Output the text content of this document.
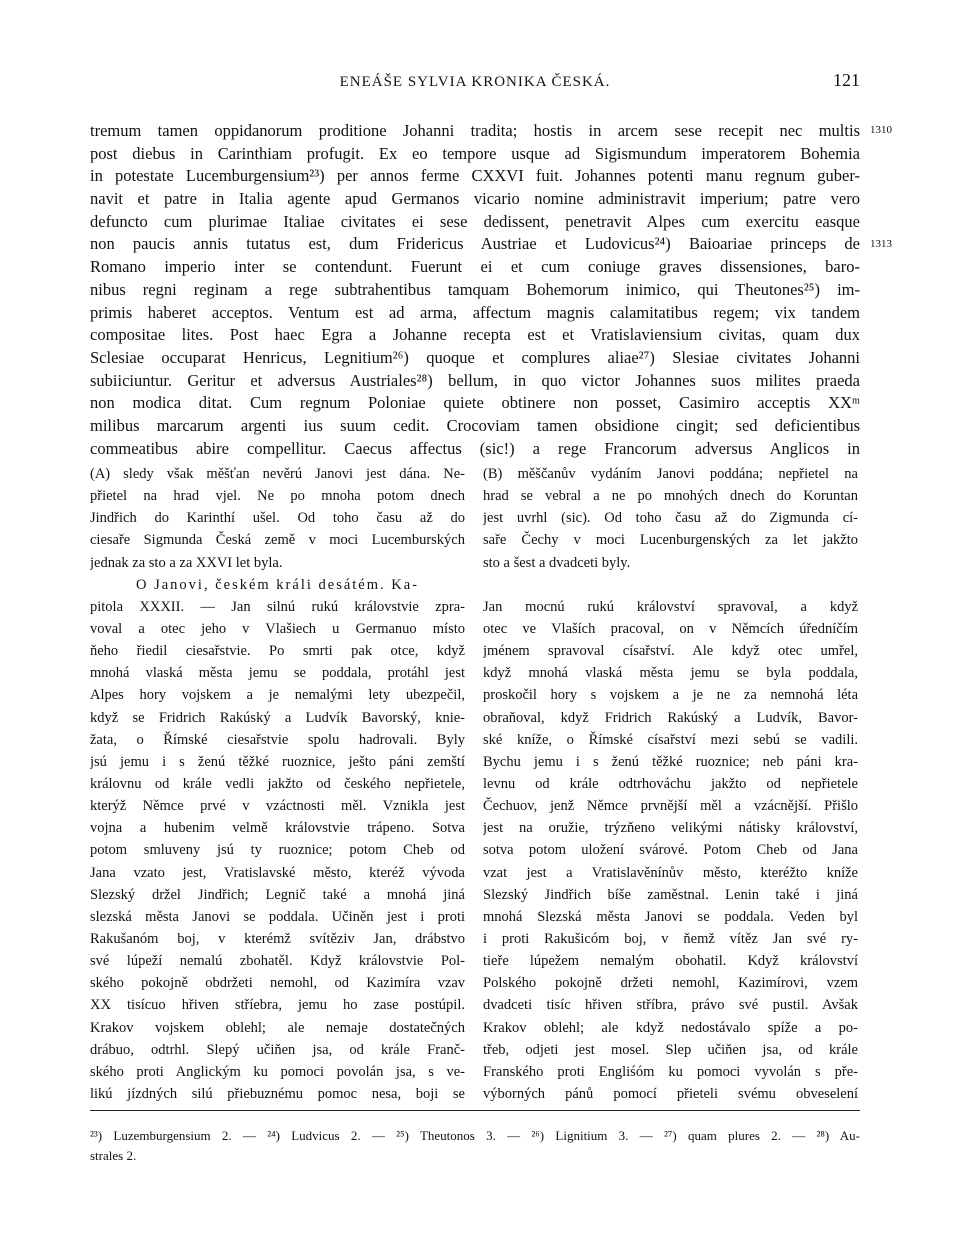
ENEÁŠE SYLVIA KRONIKA ČESKÁ.	121
tremum tamen oppidanorum proditione Johanni tradita; hostis in arcem sese recepit nec multis
post diebus in Carinthiam profugit. Ex eo tempore usque ad Sigismundum imperatorem Bohemia
in potestate Lucemburgensium²³) per annos ferme CXXVI fuit. Johannes potenti manu regnum guber-
navit et patre in Italia agente apud Germanos vicario nomine administravit imperium; patre vero
defuncto cum plurimae Italiae civitates ei sese dedissent, penetravit Alpes cum exercitu easque
non paucis annis tutatus est, dum Fridericus Austriae et Ludovicus²⁴) Baioariae princeps de
Romano imperio inter se contendunt. Fuerunt ei et cum coniuge graves dissensiones, baro-
nibus regni reginam a rege subtrahentibus tamquam Bohemorum inimico, qui Theutones²⁵) im-
primis haberet acceptos. Ventum est ad arma, affectum magnis calamitatibus regem; vix tandem
compositae lites. Post haec Egra a Johanne recepta est et Vratislaviensium civitas, quam dux
Sclesiae occuparat Henricus, Legnitium²⁶) quoque et complures aliae²⁷) Slesiae civitates Johanni
subiiciuntur. Geritur et adversus Austriales²⁸) bellum, in quo victor Johannes suos milites praeda
non modica ditat. Cum regnum Poloniae quiete obtinere non posset, Casimiro acceptis XXᵐ
milibus marcarum argenti ius suum cedit. Crocoviam tamen obsidione cingit; sed deficientibus
commeatibus abire compellitur. Caecus affectus (sic!) a rege Francorum adversus Anglicos in
1310
1313
(A) sledy však měšťan nevěrú Janovi jest dána. Ne-
přietel na hrad vjel. Ne po mnoha potom dnech
Jindřich do Karinthí ušel. Od toho času až do
ciesaře Sigmunda Česká země v moci Lucemburských
jednak za sto a za XXVI let byla.
O Janovi, českém králi desátém. Ka-
pitola XXXII. — Jan silnú rukú královstvie zpra-
voval a otec jeho v Vlašiech u Germanuo místo
ňeho řiedil ciesařstvie. Po smrti pak otce, když
mnohá vlaská města jemu se poddala, protáhl jest
Alpes hory vojskem a je nemalými lety ubezpečil,
když se Fridrich Rakúský a Ludvík Bavorský, knie-
žata, o Římské ciesařstvie spolu hadrovali. Byly
jsú jemu i s ženú těžké ruoznice, ješto páni zemští
královnu od krále vedli jakžto od českého nepřietele,
kterýž Němce prvé v vzáctnosti měl. Vznikla jest
vojna a hubenim velmě královstvie trápeno. Sotva
potom smluveny jsú ty ruoznice; potom Cheb od
Jana vzato jest, Vratislavské město, kteréž vývoda
Slezský držel Jindřich; Legnič také a mnohá jiná
slezská města Janovi se poddala. Učiněn jest i proti
Rakušanóm boj, v kterémž svítěziv Jan, drábstvo
své lúpeží nemalú zbohatěl. Když královstvie Pol-
ského pokojně obdržeti nemohl, od Kazimíra vzav
XX tisícuo hřiven stříebra, jemu ho zase postúpil.
Krakov vojskem oblehl; ale nemaje dostatečných
drábuo, odtrhl. Slepý učiňen jsa, od krále Franč-
ského proti Anglickým ku pomoci povolán jsa, s ve-
likú jízdných silú přiebuznému pomoc nesa, boji se
(B) měščanův vydáním Janovi poddána; nepřietel na
hrad se vebral a ne po mnohých dnech do Koruntan
jest uvrhl (sic). Od toho času až do Zigmunda cí-
saře Čechy v moci Lucenburgenských za let jakžto
sto a šest a dvadceti byly.
Jan mocnú rukú království spravoval, a když
otec ve Vlaších pracoval, on v Němcích úředníčím
jménem spravoval císařství. Ale když otec umřel,
když mnohá vlaská města jemu se byla poddala,
proskočil hory s vojskem a je ne za nemnohá léta
obraňoval, když Fridrich Rakúský a Ludvík, Bavor-
ské kníže, o Římské císařství mezi sebú se vadili.
Bychu jemu i s ženú těžké ruoznice; neb páni kra-
levnu od krále odtrhováchu jakžto od nepřietele
Čechuov, jenž Němce prvnější měl a vzácnější. Přišlo
jest na oružie, trýzňeno velikými nátisky království,
sotva potom uložení svárové. Potom Cheb od Jana
vzat jest a Vratislavěnínův město, kteréžto kníže
Slezský Jindřich bíše zaměstnal. Lenin také i jiná
mnohá Slezská města Janovi se poddala. Veden byl
i proti Rakušicóm boj, v ňemž vítěz Jan své ry-
tieře lúpežem nemalým obohatil. Když království
Polského pokojně držeti nemohl, Kazimírovi, vzem
dvadceti tisíc hřiven stříbra, právo své pustil. Avšak
Krakov oblehl; ale když nedostávalo spíže a po-
třeb, odjeti jest mosel. Slep učiňen jsa, od krále
Franského proti Engliśóm ku pomoci vyvolán s pře-
výborných pánů pomocí přieteli svému obveselení
²³) Luzemburgensium 2. — ²⁴) Ludvicus 2. — ²⁵) Theutonos 3. — ²⁶) Lignitium 3. — ²⁷) quam plures 2. — ²⁸) Au-
strales 2.
